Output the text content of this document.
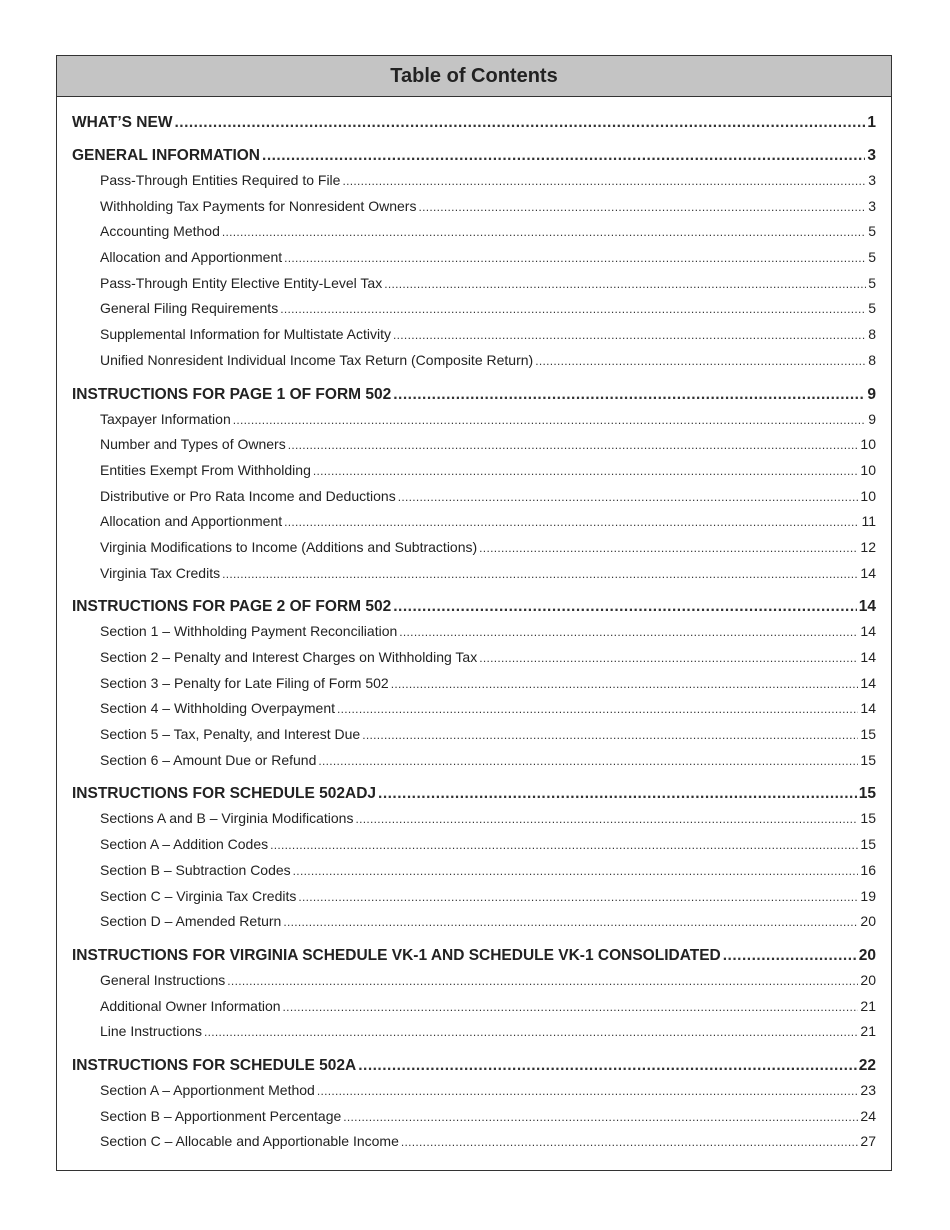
Table of Contents
WHAT’S NEW .....	1
GENERAL INFORMATION .....	3
Pass-Through Entities Required to File .....	3
Withholding Tax Payments for Nonresident Owners .....	3
Accounting Method .....	5
Allocation and Apportionment .....	5
Pass-Through Entity Elective Entity-Level Tax .....	5
General Filing Requirements .....	5
Supplemental Information for Multistate Activity .....	8
Unified Nonresident Individual Income Tax Return (Composite Return) .....	8
INSTRUCTIONS FOR PAGE 1 OF FORM 502 .....	9
Taxpayer Information .....	9
Number and Types of Owners .....	10
Entities Exempt From Withholding .....	10
Distributive or Pro Rata Income and Deductions .....	10
Allocation and Apportionment .....	11
Virginia Modifications to Income (Additions and Subtractions) .....	12
Virginia Tax Credits .....	14
INSTRUCTIONS FOR PAGE 2 OF FORM 502 .....	14
Section 1 – Withholding Payment Reconciliation .....	14
Section 2 – Penalty and Interest Charges on Withholding Tax .....	14
Section 3 – Penalty for Late Filing of Form 502 .....	14
Section 4 – Withholding Overpayment .....	14
Section 5 – Tax, Penalty, and Interest Due .....	15
Section 6 – Amount Due or Refund .....	15
INSTRUCTIONS FOR SCHEDULE 502ADJ .....	15
Sections A and B – Virginia Modifications .....	15
Section A – Addition Codes .....	15
Section B – Subtraction Codes .....	16
Section C – Virginia Tax Credits .....	19
Section D – Amended Return .....	20
INSTRUCTIONS FOR VIRGINIA SCHEDULE VK-1 AND SCHEDULE VK-1 CONSOLIDATED .....	20
General Instructions .....	20
Additional Owner Information .....	21
Line Instructions .....	21
INSTRUCTIONS FOR SCHEDULE 502A .....	22
Section A – Apportionment Method .....	23
Section B – Apportionment Percentage .....	24
Section C – Allocable and Apportionable Income .....	27
